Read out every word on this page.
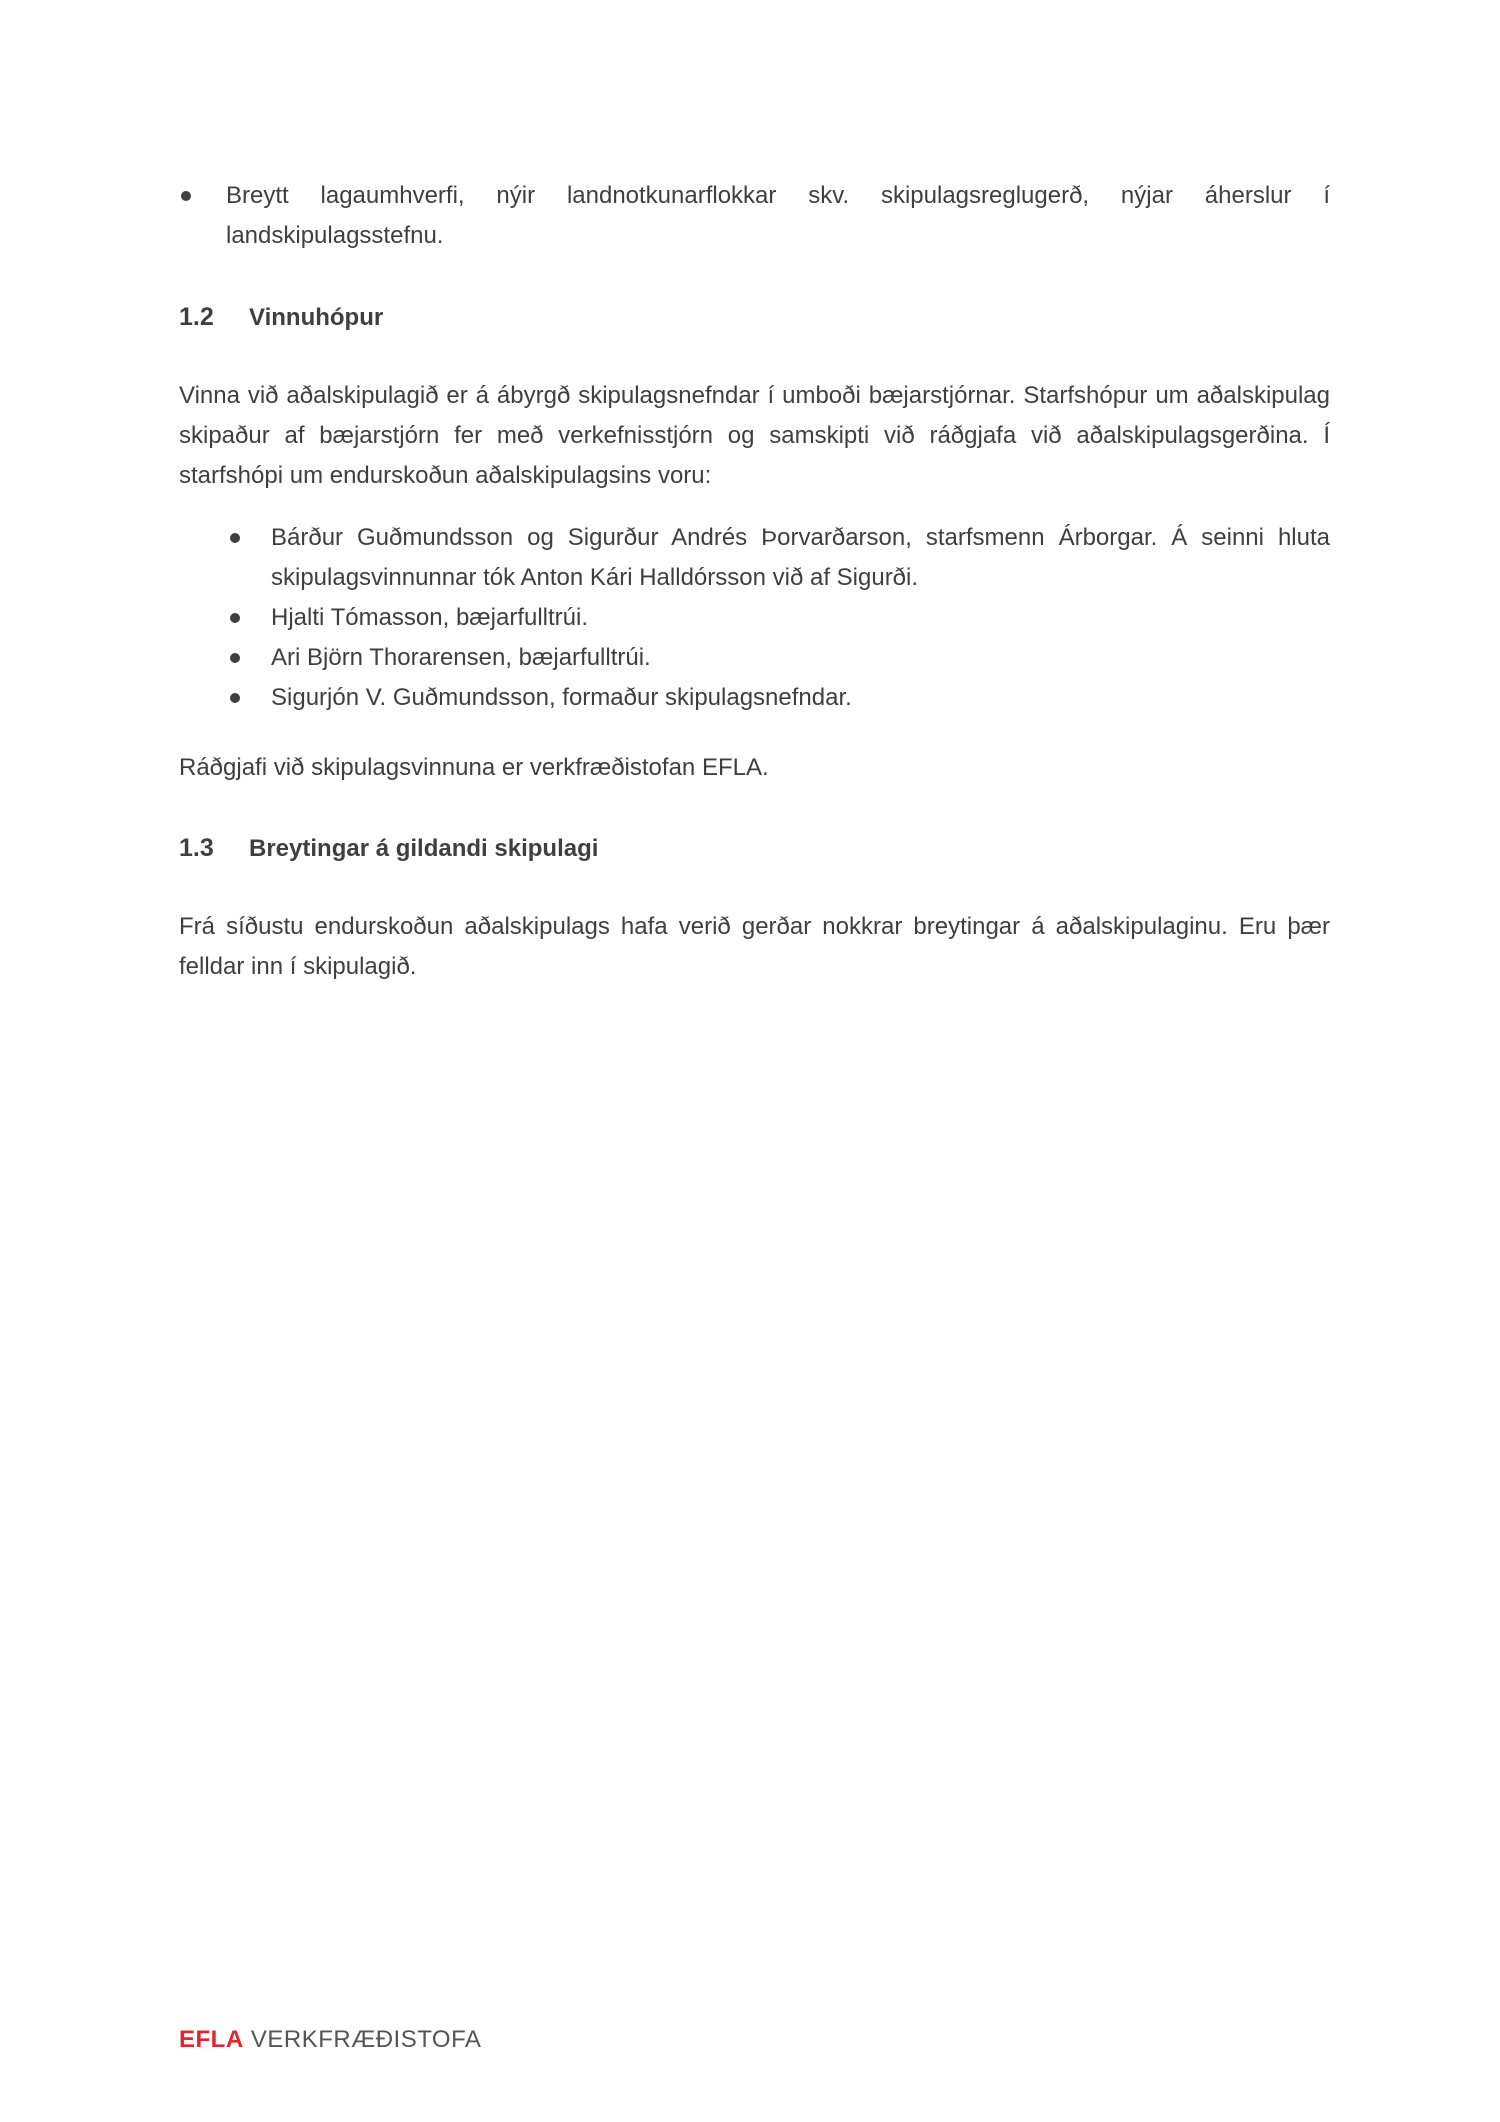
Breytt lagaumhverfi, nýir landnotkunarflokkar skv. skipulagsreglugerð, nýjar áherslur í landskipulagsstefnu.
1.2 Vinnuhópur

Vinna við aðalskipulagið er á ábyrgð skipulagsnefndar í umboði bæjarstjórnar. Starfshópur um aðalskipulag skipaður af bæjarstjórn fer með verkefnisstjórn og samskipti við ráðgjafa við aðalskipulagsgerðina. Í starfshópi um endurskoðun aðalskipulagsins voru:

Bárður Guðmundsson og Sigurður Andrés Þorvarðarson, starfsmenn Árborgar. Á seinni hluta skipulagsvinnunnar tók Anton Kári Halldórsson við af Sigurði.
Hjalti Tómasson, bæjarfulltrúi.
Ari Björn Thorarensen, bæjarfulltrúi.
Sigurjón V. Guðmundsson, formaður skipulagsnefndar.

Ráðgjafi við skipulagsvinnuna er verkfræðistofan EFLA.

1.3 Breytingar á gildandi skipulagi

Frá síðustu endurskoðun aðalskipulags hafa verið gerðar nokkrar breytingar á aðalskipulaginu. Eru þær felldar inn í skipulagið.

EFLA VERKFRÆÐISTOFA
